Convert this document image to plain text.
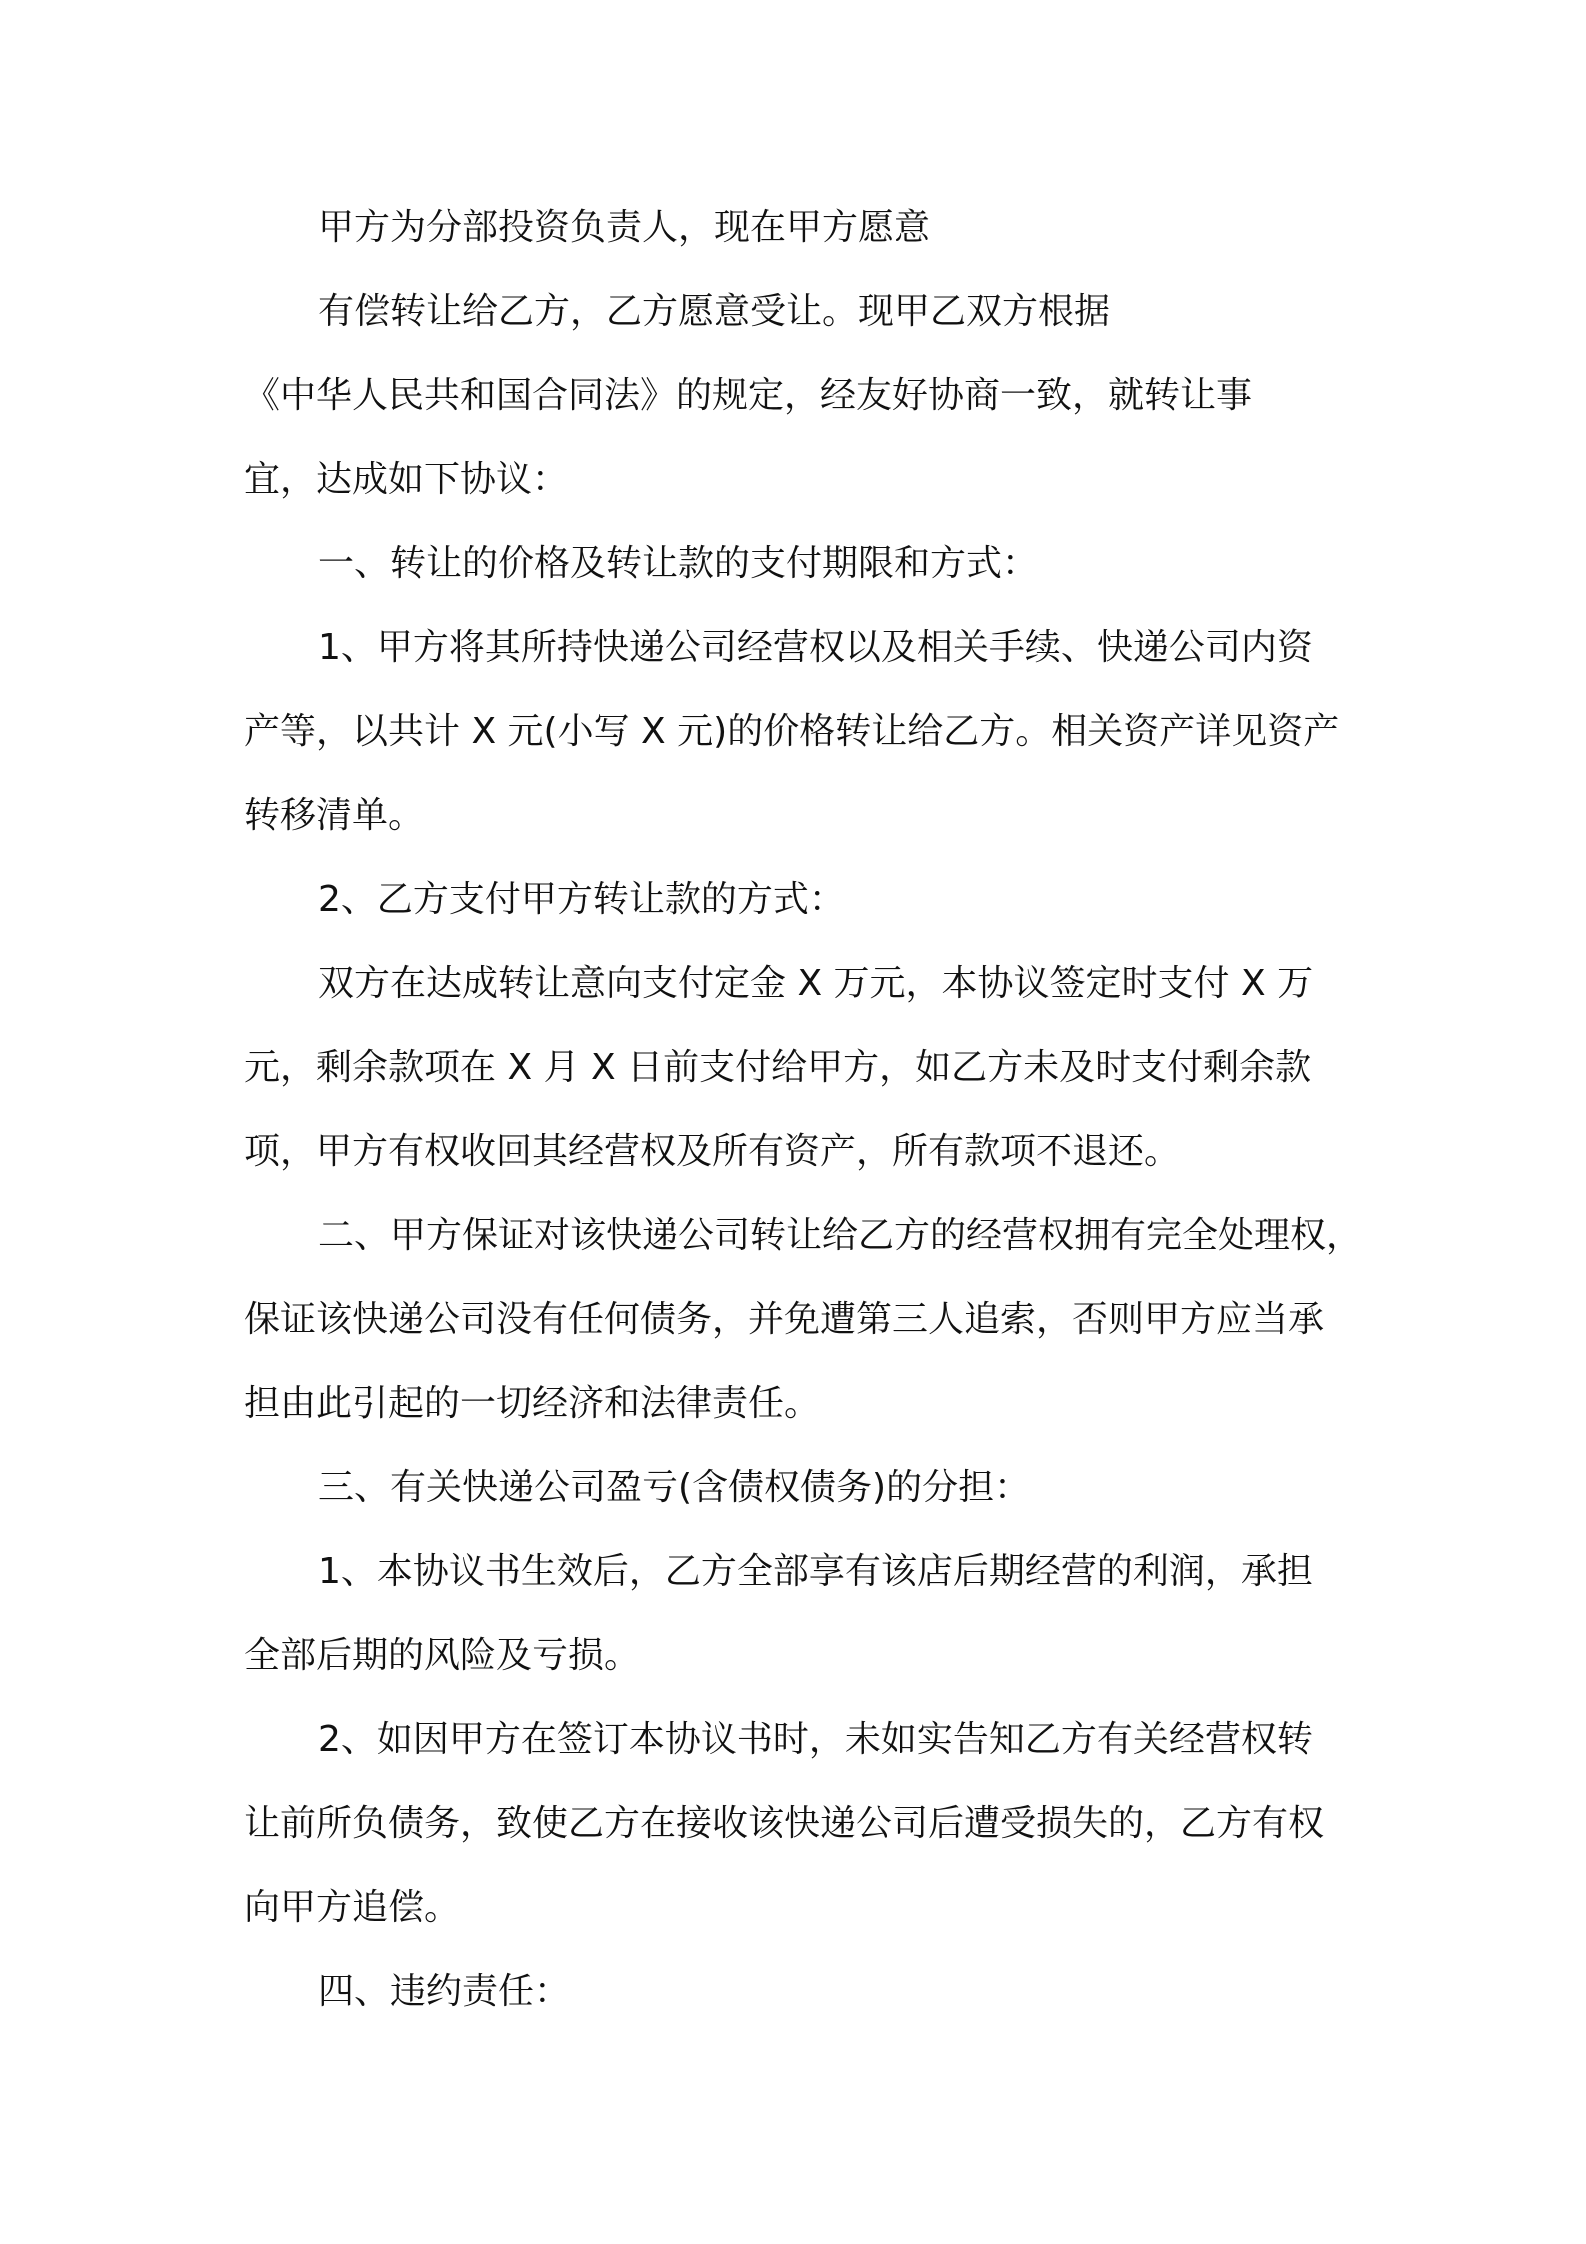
甲方为分部投资负责人，现在甲方愿意

有偿转让给乙方，乙方愿意受让。现甲乙双方根据

《中华人民共和国合同法》的规定，经友好协商一致，就转让事

宜，达成如下协议：

一、转让的价格及转让款的支付期限和方式：

1、甲方将其所持快递公司经营权以及相关手续、快递公司内资

产等，以共计 X 元(小写 X 元)的价格转让给乙方。相关资产详见资产

转移清单。

2、乙方支付甲方转让款的方式：

双方在达成转让意向支付定金 X 万元，本协议签定时支付 X 万

元，剩余款项在 X 月 X 日前支付给甲方，如乙方未及时支付剩余款

项，甲方有权收回其经营权及所有资产，所有款项不退还。

二、甲方保证对该快递公司转让给乙方的经营权拥有完全处理权，

保证该快递公司没有任何债务，并免遭第三人追索，否则甲方应当承

担由此引起的一切经济和法律责任。

三、有关快递公司盈亏(含债权债务)的分担：

1、本协议书生效后，乙方全部享有该店后期经营的利润，承担

全部后期的风险及亏损。

2、如因甲方在签订本协议书时，未如实告知乙方有关经营权转

让前所负债务，致使乙方在接收该快递公司后遭受损失的，乙方有权

向甲方追偿。

四、违约责任：
